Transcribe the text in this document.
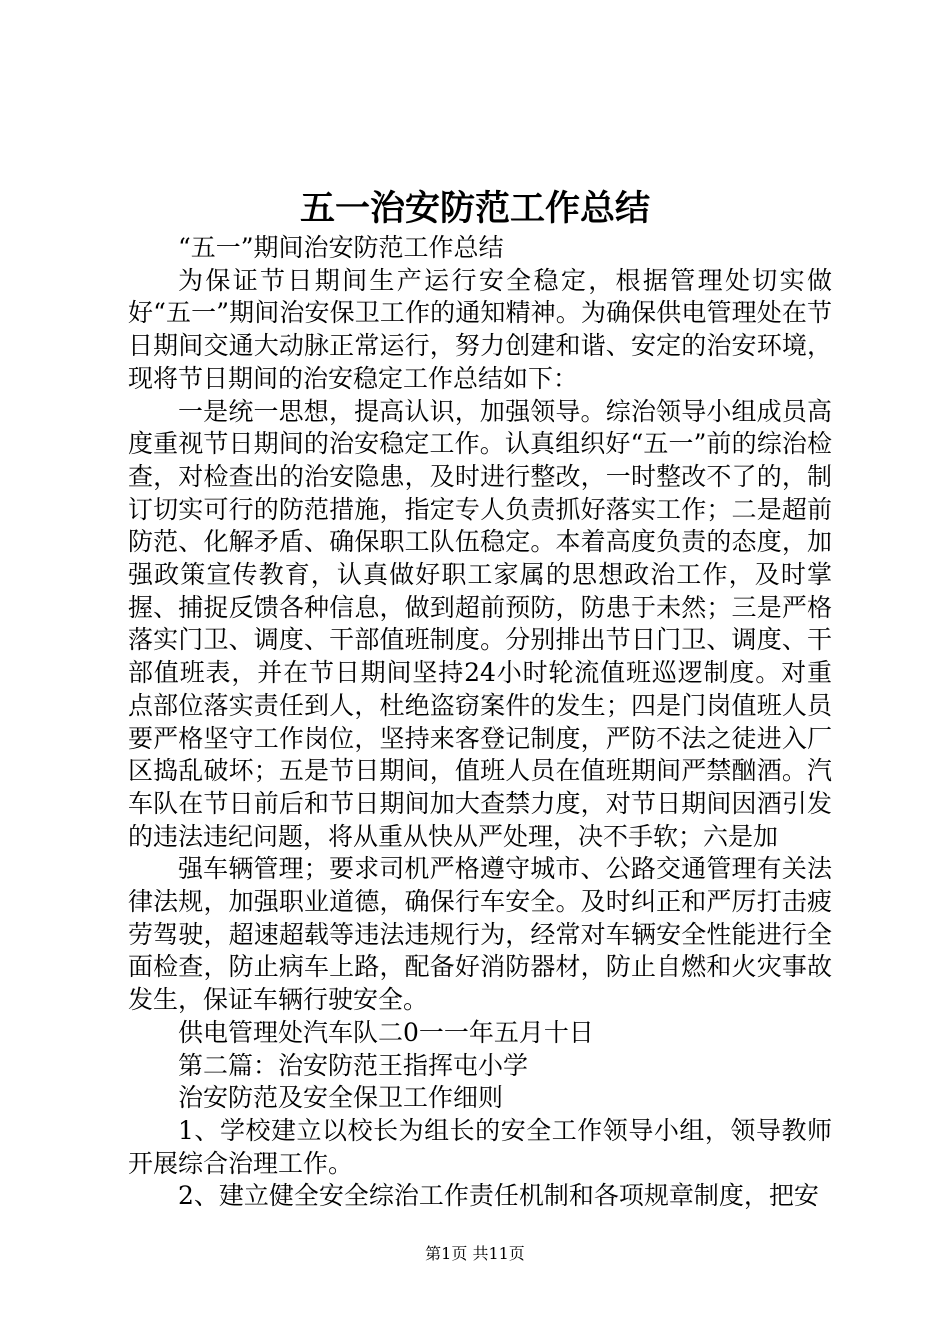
五一治安防范工作总结

“五一”期间治安防范工作总结

为保证节日期间生产运行安全稳定，根据管理处切实做好“五一”期间治安保卫工作的通知精神。为确保供电管理处在节日期间交通大动脉正常运行，努力创建和谐、安定的治安环境，现将节日期间的治安稳定工作总结如下：

一是统一思想，提高认识，加强领导。综治领导小组成员高度重视节日期间的治安稳定工作。认真组织好“五一”前的综治检查，对检查出的治安隐患，及时进行整改，一时整改不了的，制订切实可行的防范措施，指定专人负责抓好落实工作；二是超前防范、化解矛盾、确保职工队伍稳定。本着高度负责的态度，加强政策宣传教育，认真做好职工家属的思想政治工作，及时掌握、捕捉反馈各种信息，做到超前预防，防患于未然；三是严格落实门卫、调度、干部值班制度。分别排出节日门卫、调度、干部值班表，并在节日期间坚持24小时轮流值班巡逻制度。对重点部位落实责任到人，杜绝盗窃案件的发生；四是门岗值班人员要严格坚守工作岗位，坚持来客登记制度，严防不法之徒进入厂区捣乱破坏；五是节日期间，值班人员在值班期间严禁酗酒。汽车队在节日前后和节日期间加大查禁力度，对节日期间因酒引发的违法违纪问题，将从重从快从严处理，决不手软；六是加

强车辆管理；要求司机严格遵守城市、公路交通管理有关法律法规，加强职业道德，确保行车安全。及时纠正和严厉打击疲劳驾驶，超速超载等违法违规行为，经常对车辆安全性能进行全面检查，防止病车上路，配备好消防器材，防止自燃和火灾事故发生，保证车辆行驶安全。

供电管理处汽车队二0一一年五月十日

第二篇：治安防范王指挥屯小学

治安防范及安全保卫工作细则

1、学校建立以校长为组长的安全工作领导小组，领导教师开展综合治理工作。

2、建立健全安全综治工作责任机制和各项规章制度，把安

第1页 共11页
